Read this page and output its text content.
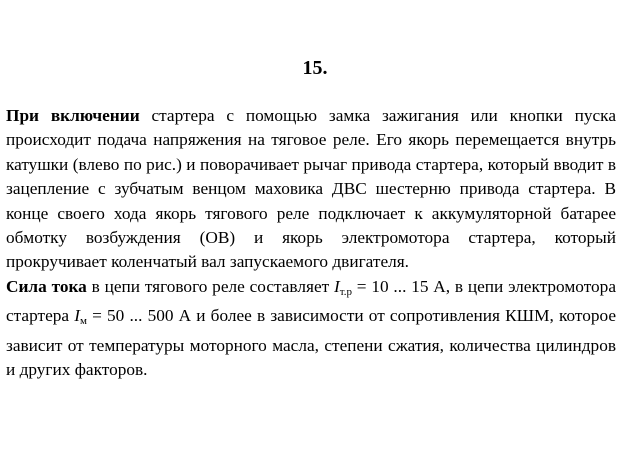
15.

При включении стартера с помощью замка зажигания или кнопки пуска происходит подача напряжения на тяговое реле. Его якорь перемещается внутрь катушки (влево по рис.) и поворачивает рычаг привода стартера, который вводит в зацепление с зубчатым венцом маховика ДВС шестерню привода стартера. В конце своего хода якорь тягового реле подключает к аккумуляторной батарее обмотку возбуждения (ОВ) и якорь электромотора стартера, который прокручивает коленчатый вал запускаемого двигателя.

Сила тока в цепи тягового реле составляет $I_{т.р} = 10$ ... 15 А, в цепи электромотора стартера $I_м = 50$ ... 500 А и более в зависимости от сопротивления КШМ, которое зависит от температуры моторного масла, степени сжатия, количества цилиндров и других факторов.
